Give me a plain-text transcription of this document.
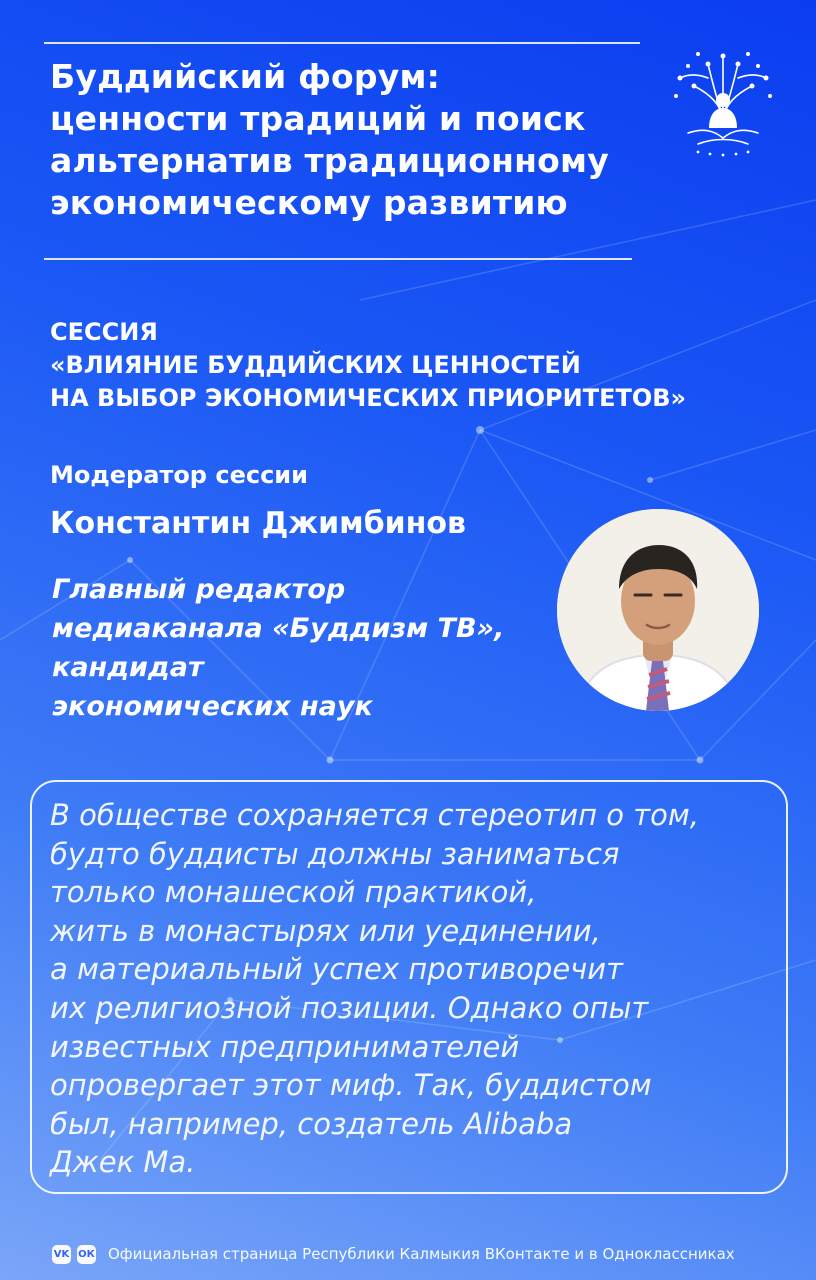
Буддийский форум:
ценности традиций и поиск
альтернатив традиционному
экономическому развитию
СЕССИЯ
«ВЛИЯНИЕ БУДДИЙСКИХ ЦЕННОСТЕЙ
НА ВЫБОР ЭКОНОМИЧЕСКИХ ПРИОРИТЕТОВ»
Модератор сессии
Константин Джимбинов
Главный редактор
медиаканала «Буддизм ТВ»,
кандидат
экономических наук
В обществе сохраняется стереотип о том,
будто буддисты должны заниматься
только монашеской практикой,
жить в монастырях или уединении,
а материальный успех противоречит
их религиозной позиции. Однако опыт
известных предпринимателей
опровергает этот миф. Так, буддистом
был, например, создатель Alibaba
Джек Ма.
VK ОК Официальная страница Республики Калмыкия ВКонтакте и в Одноклассниках
